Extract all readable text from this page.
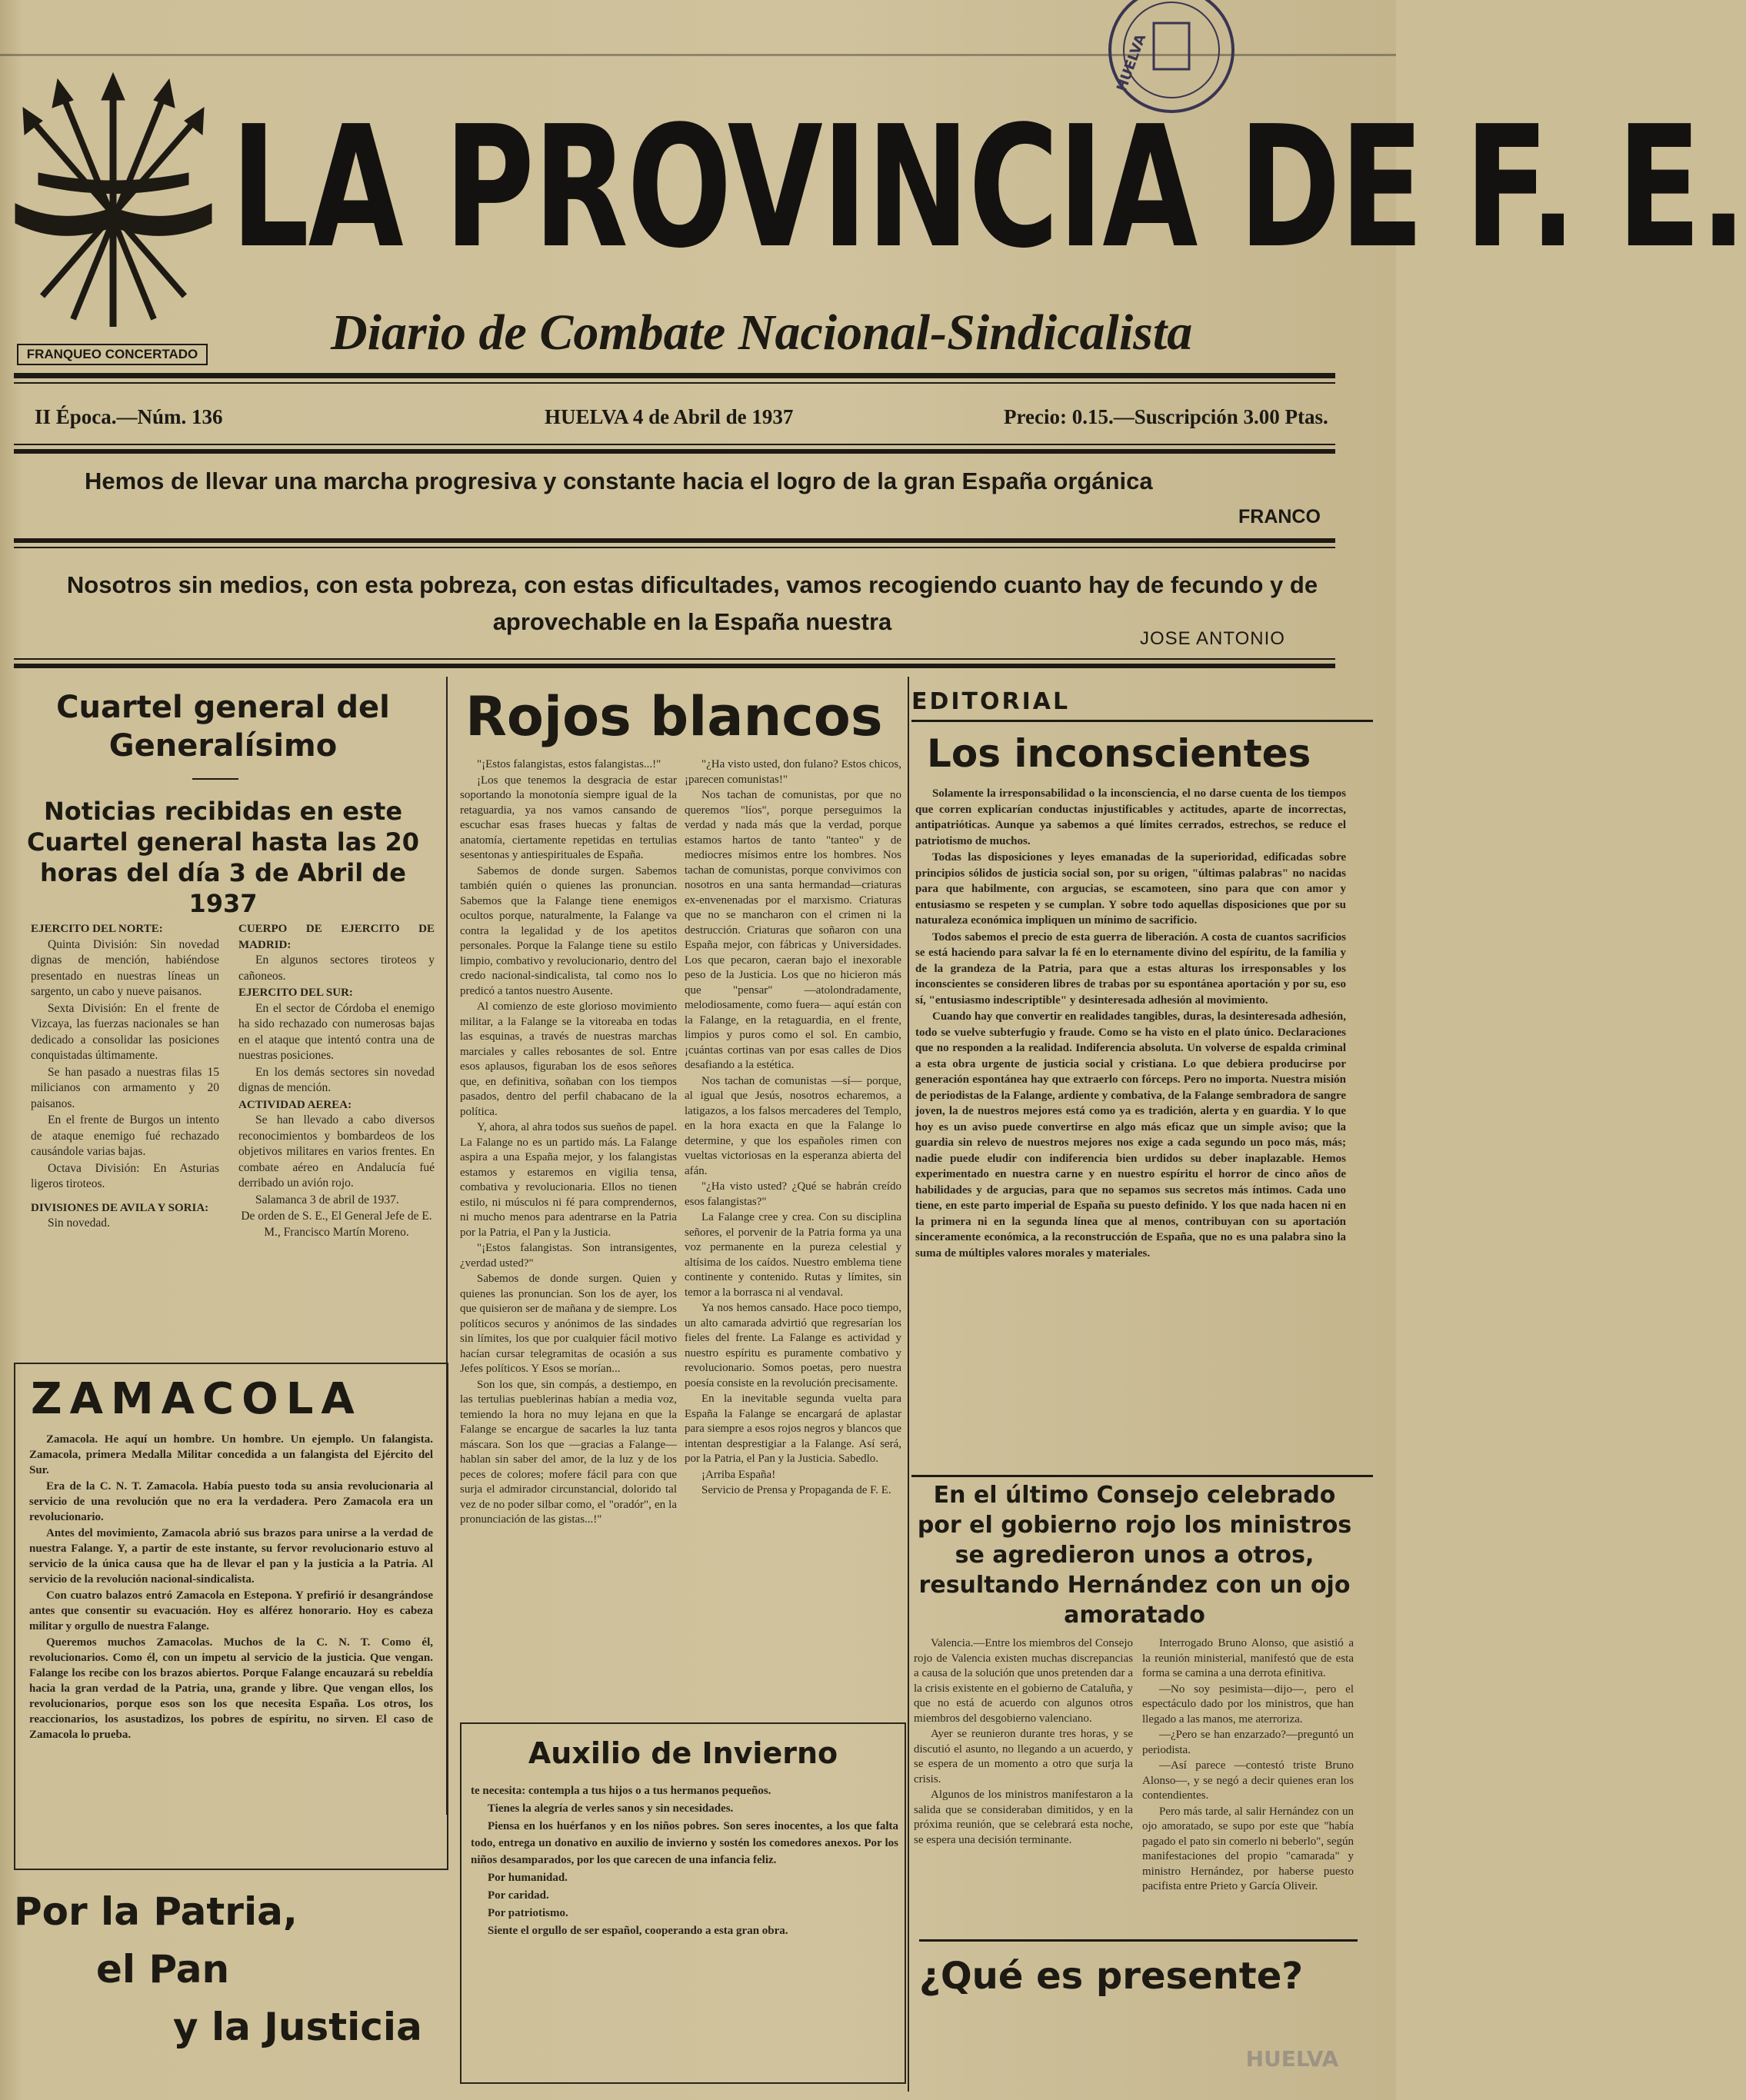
LA PROVINCIA DE F. E.
Diario de Combate Nacional-Sindicalista
FRANQUEO CONCERTADO
HUELVA
II Época.—Núm. 136	HUELVA 4 de Abril de 1937	Precio: 0.15.—Suscripción 3.00 Ptas.
Hemos de llevar una marcha progresiva y constante hacia el logro de la gran España orgánica
FRANCO
Nosotros sin medios, con esta pobreza, con estas dificultades, vamos recogiendo cuanto hay de fecundo y de aprovechable en la España nuestra
JOSE ANTONIO
Cuartel general del Generalísimo
Noticias recibidas en este Cuartel general hasta las 20 horas del día 3 de Abril de 1937
EJERCITO DEL NORTE:

Quinta División: Sin novedad dignas de mención, habiéndose presentado en nuestras líneas un sargento, un cabo y nueve paisanos.

Sexta División: En el frente de Vizcaya, las fuerzas nacionales se han dedicado a consolidar las posiciones conquistadas últimamente.

Se han pasado a nuestras filas 15 milicianos con armamento y 20 paisanos.

En el frente de Burgos un intento de ataque enemigo fué rechazado causándole varias bajas.

Octava División: En Asturias ligeros tiroteos.

DIVISIONES DE AVILA Y SORIA:

Sin novedad.

CUERPO DE EJERCITO DE MADRID:

En algunos sectores tiroteos y cañoneos.

EJERCITO DEL SUR:

En el sector de Córdoba el enemigo ha sido rechazado con numerosas bajas en el ataque que intentó contra una de nuestras posiciones.

En los demás sectores sin novedad dignas de mención.

ACTIVIDAD AEREA:

Se han llevado a cabo diversos reconocimientos y bombardeos de los objetivos militares en varios frentes. En combate aéreo en Andalucía fué derribado un avión rojo.

Salamanca 3 de abril de 1937.

De orden de S. E., El General Jefe de E. M., Francisco Martín Moreno.

ZAMACOLA

Zamacola. He aquí un hombre. Un hombre. Un ejemplo. Un falangista. Zamacola, primera Medalla Militar concedida a un falangista del Ejército del Sur.

Era de la C. N. T. Zamacola. Había puesto toda su ansia revolucionaria al servicio de una revolución que no era la verdadera. Pero Zamacola era un revolucionario.

Antes del movimiento, Zamacola abrió sus brazos para unirse a la verdad de nuestra Falange. Y, a partir de este instante, su fervor revolucionario estuvo al servicio de la única causa que ha de llevar el pan y la justicia a la Patria. Al servicio de la revolución nacional-sindicalista.

Con cuatro balazos entró Zamacola en Estepona. Y prefirió ir desangrándose antes que consentir su evacuación. Hoy es alférez honorario. Hoy es cabeza militar y orgullo de nuestra Falange.

Queremos muchos Zamacolas. Muchos de la C. N. T. Como él, revolucionarios. Como él, con un impetu al servicio de la justicia. Que vengan. Falange los recibe con los brazos abiertos. Porque Falange encauzará su rebeldía hacia la gran verdad de la Patria, una, grande y libre. Que vengan ellos, los revolucionarios, porque esos son los que necesita España. Los otros, los reaccionarios, los asustadizos, los pobres de espíritu, no sirven. El caso de Zamacola lo prueba.

Por la Patria,
el Pan
y la Justicia
Rojos blancos

"¡Estos falangistas, estos falangistas...!"

¡Los que tenemos la desgracia de estar soportando la monotonía siempre igual de la retaguardia, ya nos vamos cansando de escuchar esas frases huecas y faltas de anatomía, ciertamente repetidas en tertulias sesentonas y antiespirituales de España.

Sabemos de donde surgen. Sabemos también quién o quienes las pronuncian. Sabemos que la Falange tiene enemigos ocultos porque, naturalmente, la Falange va contra la legalidad y de los apetitos personales. Porque la Falange tiene su estilo limpio, combativo y revolucionario, dentro del credo nacional-sindicalista, tal como nos lo predicó a tantos nuestro Ausente.

Al comienzo de este glorioso movimiento militar, a la Falange se la vitoreaba en todas las esquinas, a través de nuestras marchas marciales y calles rebosantes de sol. Entre esos aplausos, figuraban los de esos señores que, en definitiva, soñaban con los tiempos pasados, dentro del perfil chabacano de la política.

Y, ahora, al ahra todos sus sueños de papel. La Falange no es un partido más. La Falange aspira a una España mejor, y los falangistas estamos y estaremos en vigilia tensa, combativa y revolucionaria. Ellos no tienen estilo, ni músculos ni fé para comprendernos, ni mucho menos para adentrarse en la Patria por la Patria, el Pan y la Justicia.

"¡Estos falangistas. Son intransigentes, ¿verdad usted?"

Sabemos de donde surgen. Quien y quienes las pronuncian. Son los de ayer, los que quisieron ser de mañana y de siempre. Los políticos securos y anónimos de las sindades sin límites, los que por cualquier fácil motivo hacían cursar telegramitas de ocasión a sus Jefes políticos. Y Esos se morían...

Son los que, sin compás, a destiempo, en las tertulias pueblerinas habían a media voz, temiendo la hora no muy lejana en que la Falange se encargue de sacarles la luz tanta máscara. Son los que —gracias a Falange— hablan sin saber del amor, de la luz y de los peces de colores; mofere fácil para con que surja el admirador circunstancial, dolorido tal vez de no poder silbar como, el "oradór", en la pronunciación de las gistas...!"

"¿Ha visto usted, don fulano? Estos chicos, ¡parecen comunistas!"

Nos tachan de comunistas, por que no queremos "líos", porque perseguimos la verdad y nada más que la verdad, porque estamos hartos de tanto "tanteo" y de mediocres mísimos entre los hombres. Nos tachan de comunistas, porque convivimos con nosotros en una santa hermandad—criaturas ex-envenenadas por el marxismo. Criaturas que no se mancharon con el crimen ni la destrucción. Criaturas que soñaron con una España mejor, con fábricas y Universidades. Los que pecaron, caeran bajo el inexorable peso de la Justicia. Los que no hicieron más que "pensar" —atolondradamente, melodiosamente, como fuera— aquí están con la Falange, en la retaguardia, en el frente, limpios y puros como el sol. En cambio, ¡cuántas cortinas van por esas calles de Dios desafiando a la estética.

Nos tachan de comunistas —sí— porque, al igual que Jesús, nosotros echaremos, a latigazos, a los falsos mercaderes del Templo, en la hora exacta en que la Falange lo determine, y que los españoles rimen con vueltas victoriosas en la esperanza abierta del afán.

"¿Ha visto usted? ¿Qué se habrán creído esos falangistas?"

La Falange cree y crea. Con su disciplina señores, el porvenir de la Patria forma ya una voz permanente en la pureza celestial y altísima de los caídos. Nuestro emblema tiene continente y contenido. Rutas y límites, sin temor a la borrasca ni al vendaval.

Ya nos hemos cansado. Hace poco tiempo, un alto camarada advirtió que regresarían los fieles del frente. La Falange es actividad y nuestro espíritu es puramente combativo y revolucionario. Somos poetas, pero nuestra poesía consiste en la revolución precisamente.

En la inevitable segunda vuelta para España la Falange se encargará de aplastar para siempre a esos rojos negros y blancos que intentan desprestigiar a la Falange. Así será, por la Patria, el Pan y la Justicia. Sabedlo.

¡Arriba España!

Servicio de Prensa y Propaganda de F. E.

Auxilio de Invierno

te necesita: contempla a tus hijos o a tus hermanos pequeños.

Tienes la alegría de verles sanos y sin necesidades.

Piensa en los huérfanos y en los niños pobres. Son seres inocentes, a los que falta todo, entrega un donativo en auxilio de invierno y sostén los comedores anexos. Por los niños desamparados, por los que carecen de una infancia feliz.

Por humanidad.

Por caridad.

Por patriotismo.

Siente el orgullo de ser español, cooperando a esta gran obra.

EDITORIAL
Los inconscientes

Solamente la irresponsabilidad o la inconsciencia, el no darse cuenta de los tiempos que corren explicarían conductas injustificables y actitudes, aparte de incorrectas, antipatrióticas. Aunque ya sabemos a qué límites cerrados, estrechos, se reduce el patriotismo de muchos.

Todas las disposiciones y leyes emanadas de la superioridad, edificadas sobre principios sólidos de justicia social son, por su origen, "últimas palabras" no nacidas para que habilmente, con argucias, se escamoteen, sino para que con amor y entusiasmo se respeten y se cumplan. Y sobre todo aquellas disposiciones que por su naturaleza económica impliquen un mínimo de sacrificio.

Todos sabemos el precio de esta guerra de liberación. A costa de cuantos sacrificios se está haciendo para salvar la fé en lo eternamente divino del espíritu, de la familia y de la grandeza de la Patria, para que a estas alturas los irresponsables y los inconscientes se consideren libres de trabas por su espontánea aportación y por su, eso sí, "entusiasmo indescriptible" y desinteresada adhesión al movimiento.

Cuando hay que convertir en realidades tangibles, duras, la desinteresada adhesión, todo se vuelve subterfugio y fraude. Como se ha visto en el plato único. Declaraciones que no responden a la realidad. Indiferencia absoluta. Un volverse de espalda criminal a esta obra urgente de justicia social y cristiana. Lo que debiera producirse por generación espontánea hay que extraerlo con fórceps. Pero no importa. Nuestra misión de periodistas de la Falange, ardiente y combativa, de la Falange sembradora de sangre joven, la de nuestros mejores está como ya es tradición, alerta y en guardia. Y lo que hoy es un aviso puede convertirse en algo más eficaz que un simple aviso; que la guardia sin relevo de nuestros mejores nos exige a cada segundo un poco más, más; nadie puede eludir con indiferencia bien urdidos su deber inaplazable. Hemos experimentado en nuestra carne y en nuestro espíritu el horror de cinco años de habilidades y de argucias, para que no sepamos sus secretos más íntimos. Cada uno tiene, en este parto imperial de España su puesto definido. Y los que nada hacen ni en la primera ni en la segunda línea que al menos, contribuyan con su aportación sinceramente económica, a la reconstrucción de España, que no es una palabra sino la suma de múltiples valores morales y materiales.

En el último Consejo celebrado por el gobierno rojo los ministros se agredieron unos a otros, resultando Hernández con un ojo amoratado

Valencia.—Entre los miembros del Consejo rojo de Valencia existen muchas discrepancias a causa de la solución que unos pretenden dar a la crisis existente en el gobierno de Cataluña, y que no está de acuerdo con algunos otros miembros del desgobierno valenciano.

Ayer se reunieron durante tres horas, y se discutió el asunto, no llegando a un acuerdo, y se espera de un momento a otro que surja la crisis.

Algunos de los ministros manifestaron a la salida que se consideraban dimitidos, y en la próxima reunión, que se celebrará esta noche, se espera una decisión terminante.

Interrogado Bruno Alonso, que asistió a la reunión ministerial, manifestó que de esta forma se camina a una derrota efinitiva.

—No soy pesimista—dijo—, pero el espectáculo dado por los ministros, que han llegado a las manos, me aterroriza.

—¿Pero se han enzarzado?—preguntó un periodista.

—Así parece —contestó triste Bruno Alonso—, y se negó a decir quienes eran los contendientes.

Pero más tarde, al salir Hernández con un ojo amoratado, se supo por este que "había pagado el pato sin comerlo ni beberlo", según manifestaciones del propio "camarada" y ministro Hernández, por haberse puesto pacifista entre Prieto y García Oliveir.

¿Qué es presente?
HUELVA
